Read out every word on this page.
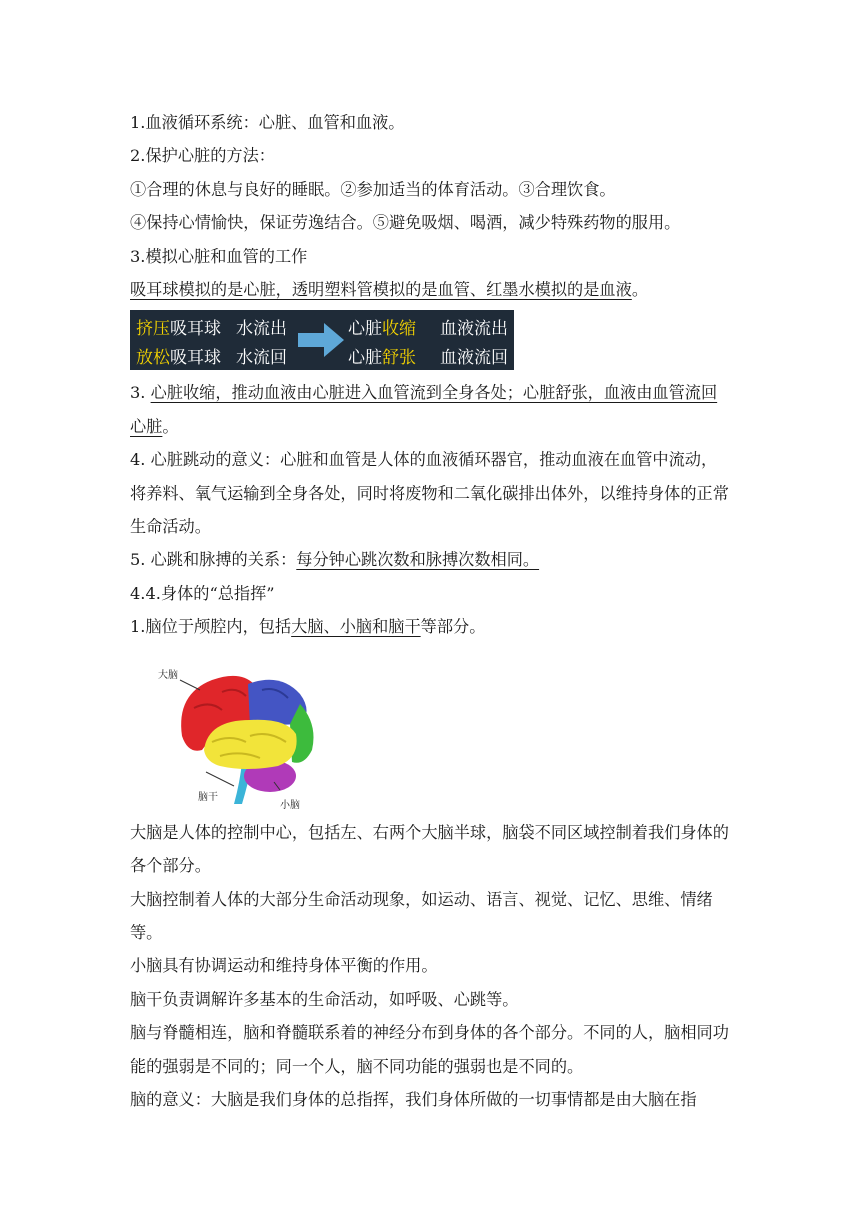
1.血液循环系统：心脏、血管和血液。
2.保护心脏的方法：
①合理的休息与良好的睡眠。②参加适当的体育活动。③合理饮食。
④保持心情愉快，保证劳逸结合。⑤避免吸烟、喝酒，减少特殊药物的服用。
3.模拟心脏和血管的工作
吸耳球模拟的是心脏，透明塑料管模拟的是血管、红墨水模拟的是血液。
挤压吸耳球 水流出	心脏收缩 血液流出
放松吸耳球 水流回	心脏舒张 血液流回
3. 心脏收缩，推动血液由心脏进入血管流到全身各处；心脏舒张，血液由血管流回心脏。
4. 心脏跳动的意义：心脏和血管是人体的血液循环器官，推动血液在血管中流动，将养料、氧气运输到全身各处，同时将废物和二氧化碳排出体外，以维持身体的正常生命活动。
5. 心跳和脉搏的关系：每分钟心跳次数和脉搏次数相同。
4.4.身体的“总指挥”
1.脑位于颅腔内，包括大脑、小脑和脑干等部分。
大脑
脑干
小脑
大脑是人体的控制中心，包括左、右两个大脑半球，脑袋不同区域控制着我们身体的各个部分。
大脑控制着人体的大部分生命活动现象，如运动、语言、视觉、记忆、思维、情绪等。
小脑具有协调运动和维持身体平衡的作用。
脑干负责调解许多基本的生命活动，如呼吸、心跳等。
脑与脊髓相连，脑和脊髓联系着的神经分布到身体的各个部分。不同的人，脑相同功能的强弱是不同的；同一个人，脑不同功能的强弱也是不同的。
脑的意义：大脑是我们身体的总指挥，我们身体所做的一切事情都是由大脑在指
